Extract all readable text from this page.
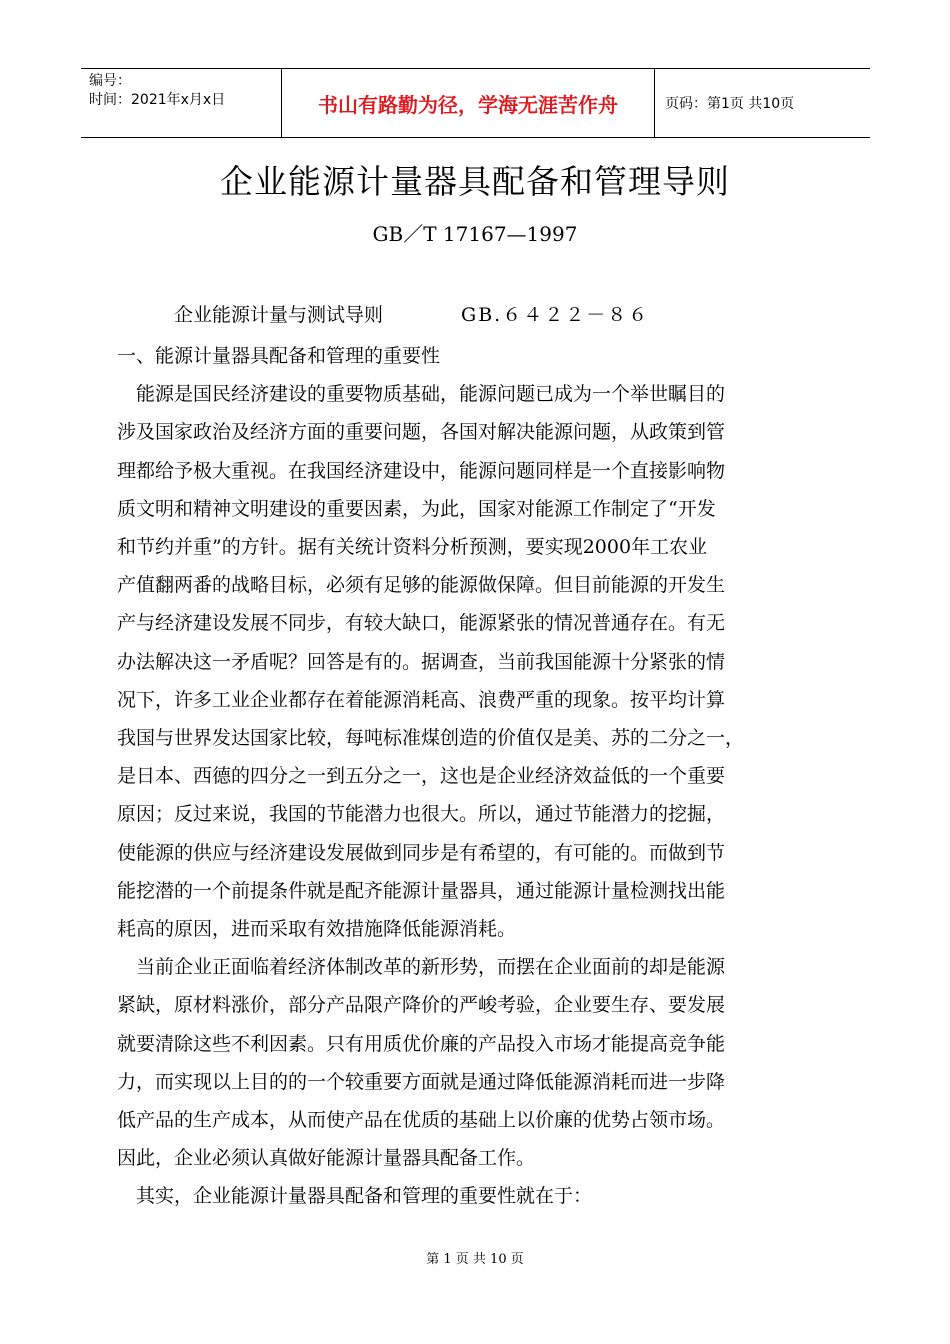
编号：
时间：2021年x月x日	书山有路勤为径，学海无涯苦作舟	页码：第1页 共10页
企业能源计量器具配备和管理导则
GB／T 17167—1997
企业能源计量与测试导则	GB.６４２２－８６

一、能源计量器具配备和管理的重要性

能源是国民经济建设的重要物质基础，能源问题已成为一个举世瞩目的

涉及国家政治及经济方面的重要问题，各国对解决能源问题，从政策到管

理都给予极大重视。在我国经济建设中，能源问题同样是一个直接影响物

质文明和精神文明建设的重要因素，为此，国家对能源工作制定了“开发

和节约并重”的方针。据有关统计资料分析预测，要实现2000年工农业

产值翻两番的战略目标，必须有足够的能源做保障。但目前能源的开发生

产与经济建设发展不同步，有较大缺口，能源紧张的情况普通存在。有无

办法解决这一矛盾呢？回答是有的。据调查，当前我国能源十分紧张的情

况下，许多工业企业都存在着能源消耗高、浪费严重的现象。按平均计算

我国与世界发达国家比较，每吨标准煤创造的价值仅是美、苏的二分之一，

是日本、西德的四分之一到五分之一，这也是企业经济效益低的一个重要

原因；反过来说，我国的节能潜力也很大。所以，通过节能潜力的挖掘，

使能源的供应与经济建设发展做到同步是有希望的，有可能的。而做到节

能挖潜的一个前提条件就是配齐能源计量器具，通过能源计量检测找出能

耗高的原因，进而采取有效措施降低能源消耗。

当前企业正面临着经济体制改革的新形势，而摆在企业面前的却是能源

紧缺，原材料涨价，部分产品限产降价的严峻考验，企业要生存、要发展

就要清除这些不利因素。只有用质优价廉的产品投入市场才能提高竞争能

力，而实现以上目的的一个较重要方面就是通过降低能源消耗而进一步降

低产品的生产成本，从而使产品在优质的基础上以价廉的优势占领市场。

因此，企业必须认真做好能源计量器具配备工作。

其实，企业能源计量器具配备和管理的重要性就在于：

第 1 页 共 10 页
